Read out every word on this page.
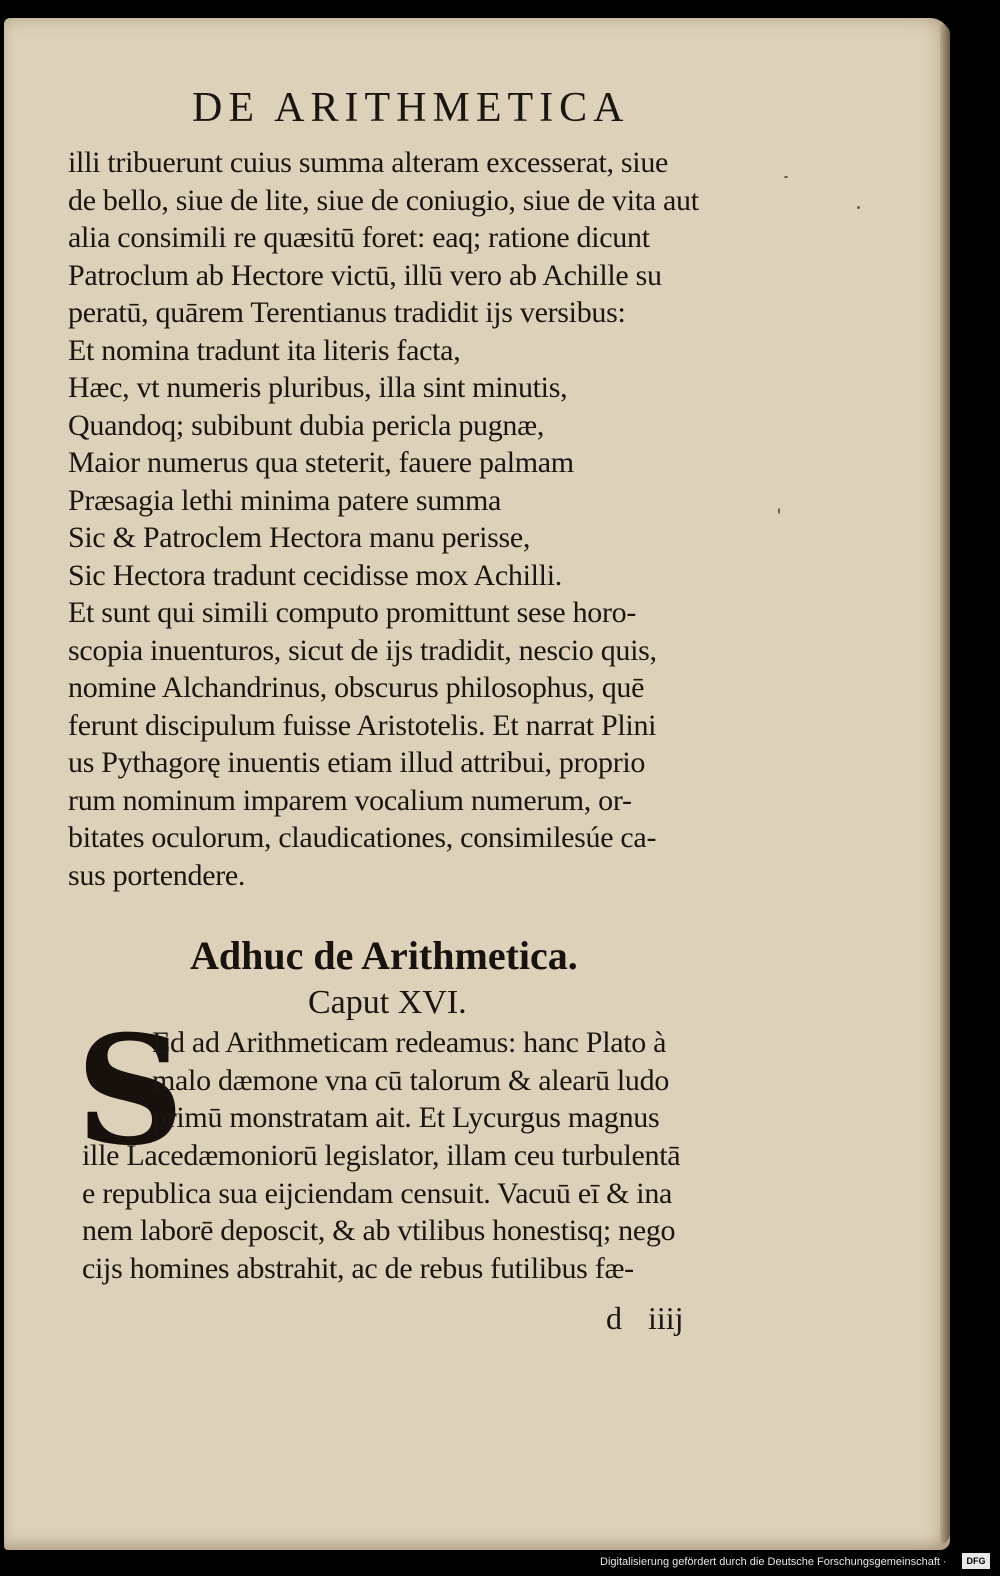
DE ARITHMETICA
illi tribuerunt cuius summa alteram excesserat, siue
de bello, siue de lite, siue de coniugio, siue de vita aut
alia consimili re quæsitū foret: eaq; ratione dicunt
Patroclum ab Hectore victū, illū vero ab Achille su
peratū, quārem Terentianus tradidit ijs versibus:
Et nomina tradunt ita literis facta,
Hæc, vt numeris pluribus, illa sint minutis,
Quandoq; subibunt dubia pericla pugnæ,
Maior numerus qua steterit, fauere palmam
Præsagia lethi minima patere summa
Sic & Patroclem Hectora manu perisse,
Sic Hectora tradunt cecidisse mox Achilli.
Et sunt qui simili computo promittunt sese horo-
scopia inuenturos, sicut de ijs tradidit, nescio quis,
nomine Alchandrinus, obscurus philosophus, quē
ferunt discipulum fuisse Aristotelis. Et narrat Plini
us Pythagorę inuentis etiam illud attribui, proprio
rum nominum imparem vocalium numerum, or-
bitates oculorum, claudicationes, consimilesúe ca-
sus portendere.
Adhuc de Arithmetica.
Caput XVI.
S
Ed ad Arithmeticam redeamus: hanc Plato à
malo dæmone vna cū talorum & alearū ludo
primū monstratam ait. Et Lycurgus magnus
ille Lacedæmoniorū legislator, illam ceu turbulentā
e republica sua eijciendam censuit. Vacuū eī & ina
nem laborē deposcit, & ab vtilibus honestisq; nego
cijs homines abstrahit, ac de rebus futilibus fæ-
d iiij
Digitalisierung gefördert durch die Deutsche Forschungsgemeinschaft ·	DFG
